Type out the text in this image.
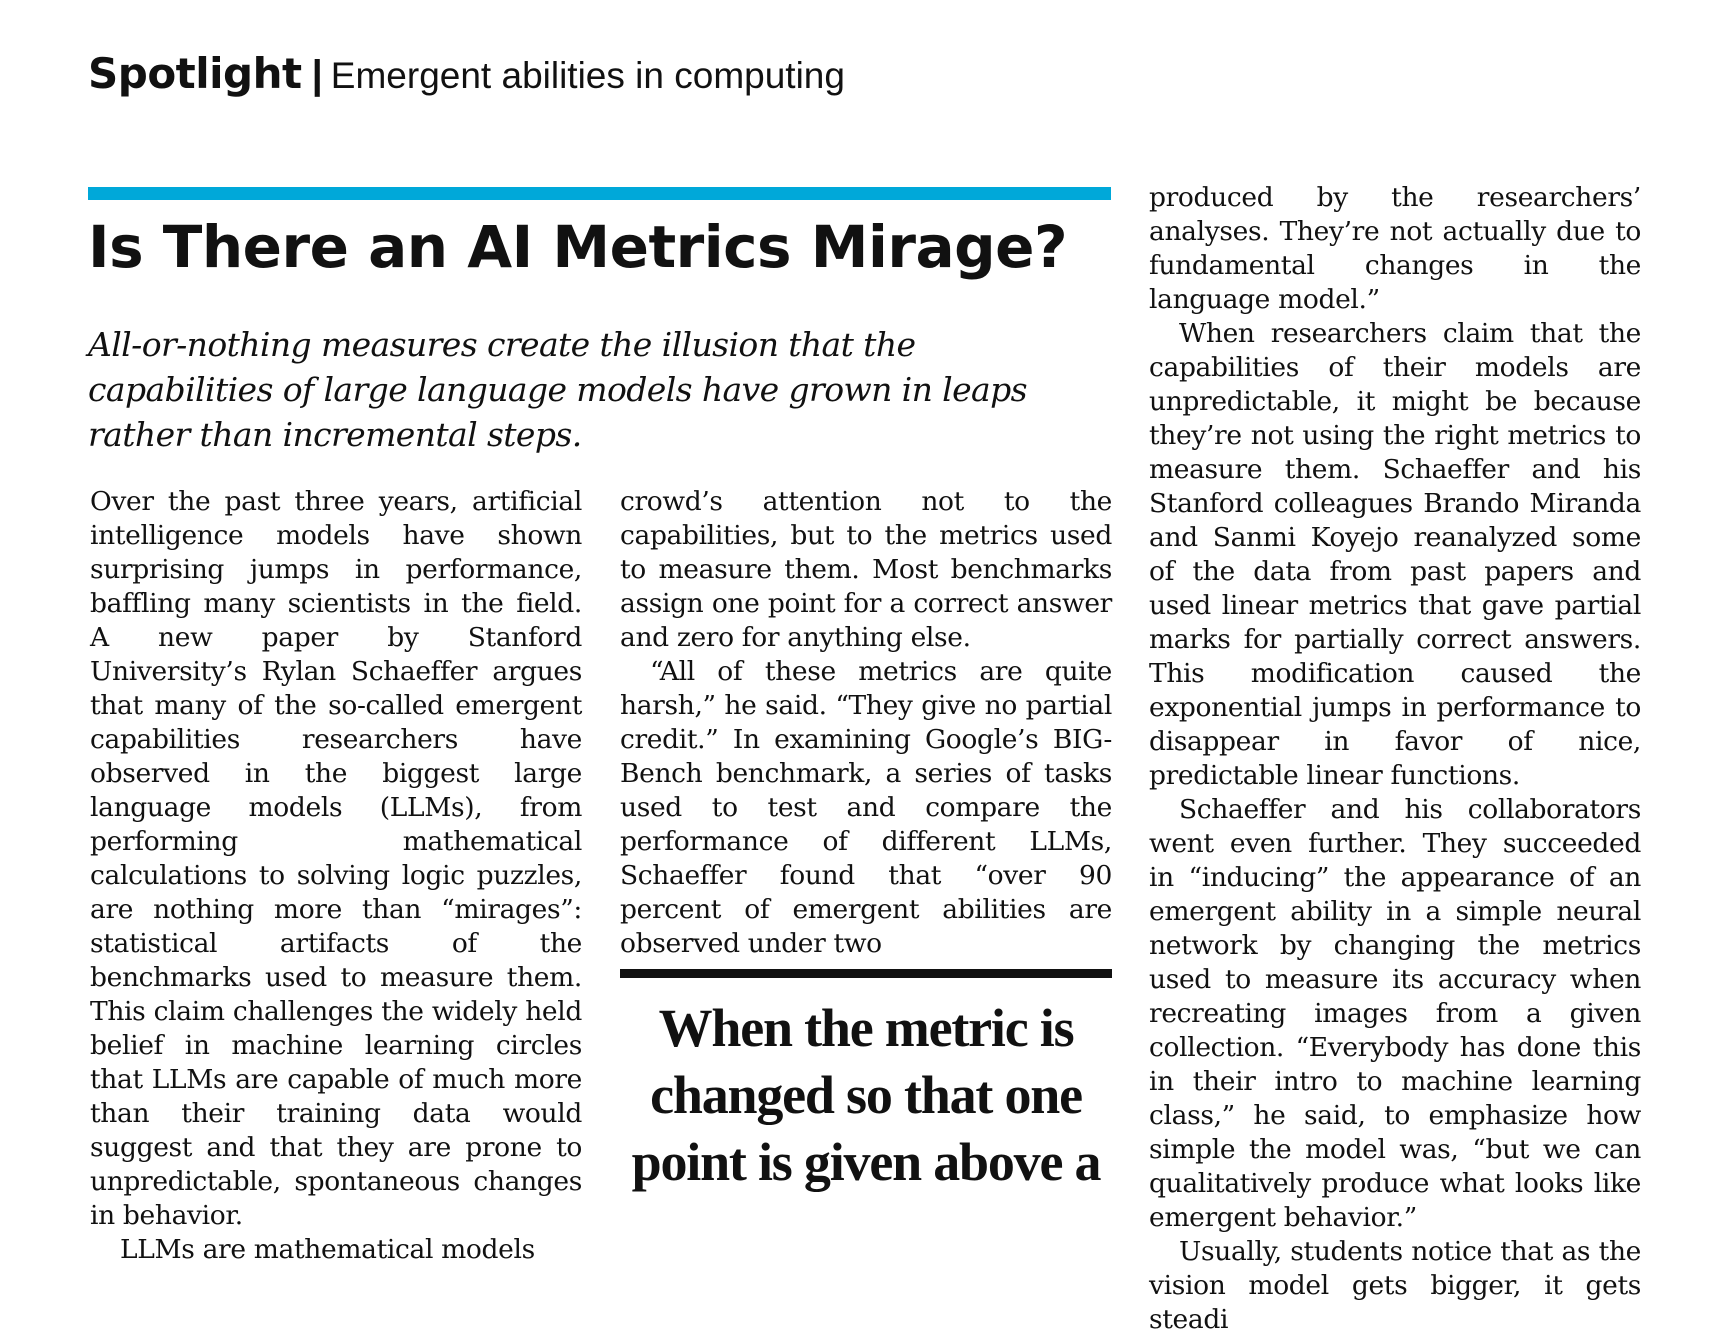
Spotlight | Emergent abilities in computing
Is There an AI Metrics Mirage?

All-or-nothing measures create the illusion that the capabilities of large language models have grown in leaps rather than incremental steps.

Over the past three years, artificial intelligence models have shown surprising jumps in performance, baffling many scientists in the field. A new paper by Stanford University’s Rylan Schaeffer argues that many of the so-called emergent capabilities researchers have observed in the biggest large language models (LLMs), from performing mathematical calculations to solving logic puzzles, are nothing more than “mirages”: statistical artifacts of the benchmarks used to measure them. This claim challenges the widely held belief in machine learning circles that LLMs are capable of much more than their training data would suggest and that they are prone to unpredictable, spontaneous changes in behavior.

LLMs are mathematical models

crowd’s attention not to the capabilities, but to the metrics used to measure them. Most benchmarks assign one point for a correct answer and zero for anything else.

“All of these metrics are quite harsh,” he said. “They give no partial credit.” In examining Google’s BIG-Bench benchmark, a series of tasks used to test and compare the performance of different LLMs, Schaeffer found that “over 90 percent of emergent abilities are observed under two

When the metric is changed so that one point is given above a

produced by the researchers’ analyses. They’re not actually due to fundamental changes in the language model.”

When researchers claim that the capabilities of their models are unpredictable, it might be because they’re not using the right metrics to measure them. Schaeffer and his Stanford colleagues Brando Miranda and Sanmi Koyejo reanalyzed some of the data from past papers and used linear metrics that gave partial marks for partially correct answers. This modification caused the exponential jumps in performance to disappear in favor of nice, predictable linear functions.

Schaeffer and his collaborators went even further. They succeeded in “inducing” the appearance of an emergent ability in a simple neural network by changing the metrics used to measure its accuracy when recreating images from a given collection. “Everybody has done this in their intro to machine learning class,” he said, to emphasize how simple the model was, “but we can qualitatively produce what looks like emergent behavior.”

Usually, students notice that as the vision model gets bigger, it gets steadi
